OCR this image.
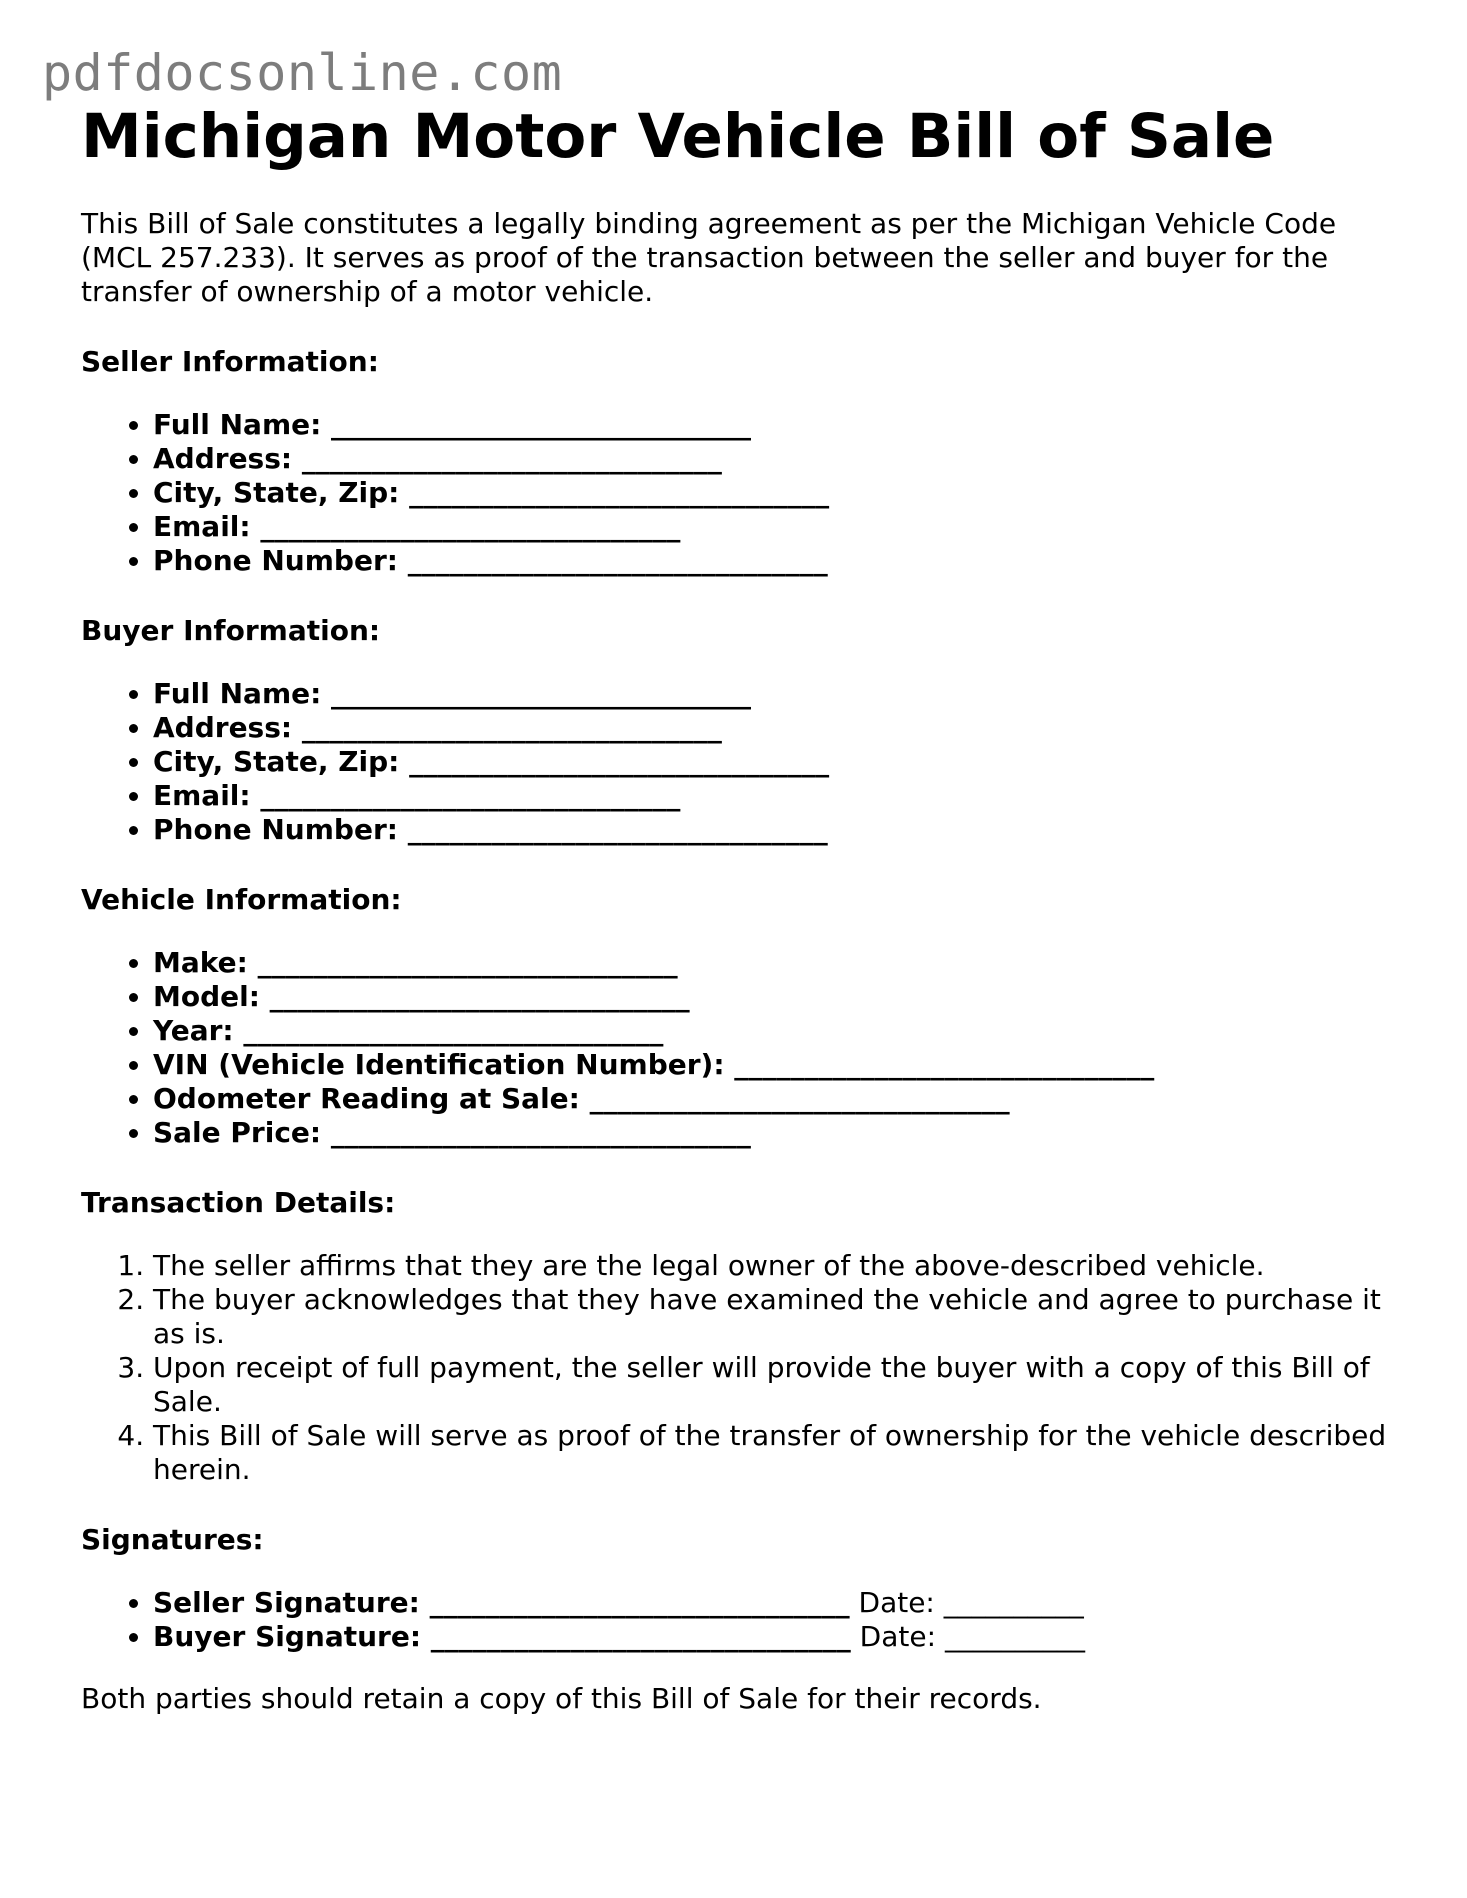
pdfdocsonline.com
Michigan Motor Vehicle Bill of Sale

This Bill of Sale constitutes a legally binding agreement as per the Michigan Vehicle Code (MCL 257.233). It serves as proof of the transaction between the seller and buyer for the transfer of ownership of a motor vehicle.

Seller Information:
• Full Name: ______________________________
• Address: ______________________________
• City, State, Zip: ______________________________
• Email: ______________________________
• Phone Number: ______________________________
Buyer Information:
• Full Name: ______________________________
• Address: ______________________________
• City, State, Zip: ______________________________
• Email: ______________________________
• Phone Number: ______________________________
Vehicle Information:
• Make: ______________________________
• Model: ______________________________
• Year: ______________________________
• VIN (Vehicle Identification Number): ______________________________
• Odometer Reading at Sale: ______________________________
• Sale Price: ______________________________
Transaction Details:
1. The seller affirms that they are the legal owner of the above-described vehicle.
2. The buyer acknowledges that they have examined the vehicle and agree to purchase it as is.
3. Upon receipt of full payment, the seller will provide the buyer with a copy of this Bill of Sale.
4. This Bill of Sale will serve as proof of the transfer of ownership for the vehicle described herein.
Signatures:
• Seller Signature: ______________________________ Date: __________
• Buyer Signature: ______________________________ Date: __________

Both parties should retain a copy of this Bill of Sale for their records.
